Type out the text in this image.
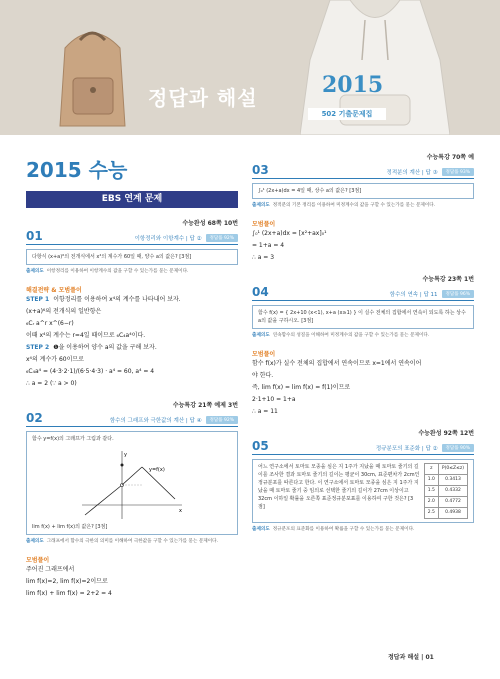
정답과 해설	2015
502 기출문제집
2015 수능
EBS 연계 문제
수능완성 68쪽 10번
01	이항정리와 이항계수 | 답 ②	정답률 92%
다항식 (x+a)⁶의 전개식에서 x⁴의 계수가 60일 때, 양수 a의 값은? [3점]
출제의도 이항정리를 이용하여 이항계수의 값을 구할 수 있는가를 묻는 문제이다.
해결전략 & 모범풀이
STEP 1 이항정리를 이용하여 x⁴의 계수를 나타내어 보자.
(x+a)⁶의 전개식의 일반항은
₆Cᵣ a^r x^(6−r)
이때 x⁴의 계수는 r=4일 때이므로 ₆C₄a⁴이다.
STEP 2 ❶을 이용하여 양수 a의 값을 구해 보자.
x⁴의 계수가 60이므로
₆C₄a⁴ = (4·3·2·1)/(6·5·4·3) · a⁴ = 60, a⁴ = 4
∴ a = 2 (∵ a > 0)
수능특강 21쪽 예제 3번
02	함수의 그래프와 극한값의 계산 | 답 ④	정답률 92%
함수 y=f(x)의 그래프가 그림과 같다.
x
y
y=f(x)
lim f(x) + lim f(x)의 값은? [3점]
출제의도 그래프에서 함수의 극한의 의미를 이해하여 극한값을 구할 수 있는가를 묻는 문제이다.
모범풀이
주어진 그래프에서
lim f(x)=2, lim f(x)=2이므로
lim f(x) + lim f(x) = 2+2 = 4
수능특강 70쪽 예
03	정적분의 계산 | 답 ③	정답률 93%
∫₀¹ (2x+a)dx = 4일 때, 상수 a의 값은? [3점]
출제의도 정적분의 기본 정리를 이용하여 미정계수의 값을 구할 수 있는가를 묻는 문제이다.
모범풀이
∫₀¹ (2x+a)dx = [x²+ax]₀¹
= 1+a = 4
∴ a = 3
수능특강 23쪽 1번
04	함수의 연속 | 답 11	정답률 96%
함수 f(x) = { 2x+10 (x<1), x+a (x≥1) } 이 실수 전체의 집합에서 연속이 되도록 하는 상수 a의 값을 구하시오. [3점]
출제의도 연속함수의 성질을 이해하여 미정계수의 값을 구할 수 있는가를 묻는 문제이다.
모범풀이
함수 f(x)가 실수 전체의 집합에서 연속이므로 x=1에서 연속이어
야 한다.
즉, lim f(x) = lim f(x) = f(1)이므로
2·1+10 = 1+a
∴ a = 11
수능완성 92쪽 12번
05	정규분포의 표준화 | 답 ②	정답률 90%
어느 연구소에서 토마토 모종을 심은 지 1주가 지났을 때 토마토 줄기의 길이를 조사한 결과 토마토 줄기의 길이는 평균이 30cm, 표준편차가 2cm인 정규분포를 따른다고 한다. 이 연구소에서 토마토 모종을 심은 지 1주가 지났을 때 토마토 줄기 중 임의로 선택한 줄기의 길이가 27cm 이상이고 32cm 이하일 확률을 오른쪽 표준정규분포표를 이용하여 구한 것은? [3점]
z	P(0≤Z≤z)
1.0	0.3413
1.5	0.4332
2.0	0.4772
2.5	0.4938
출제의도 정규분포의 표준화를 이용하여 확률을 구할 수 있는가를 묻는 문제이다.
정답과 해설 | 01
